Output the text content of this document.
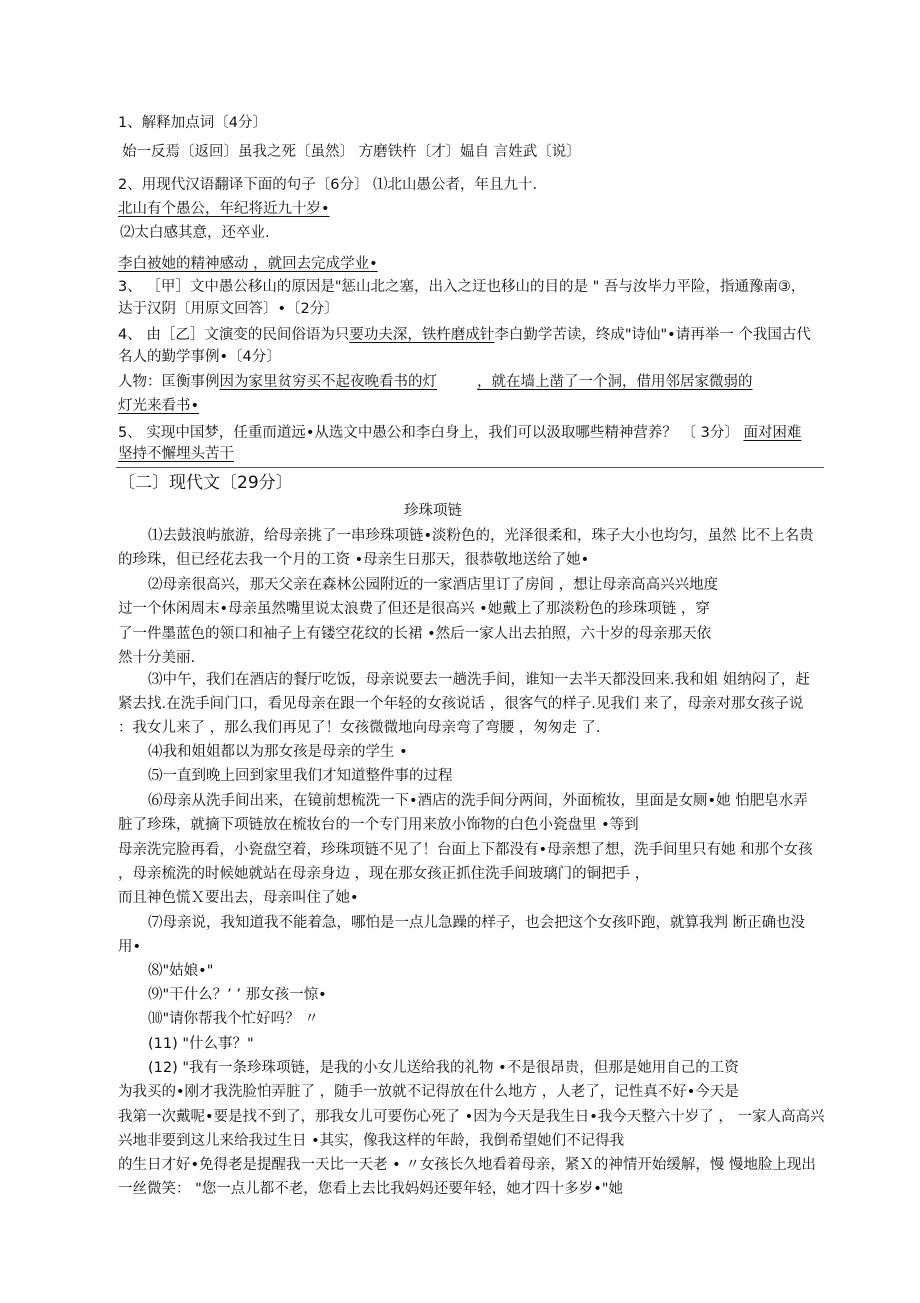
1、解释加点词〔4分〕
始一反焉〔返回〕虽我之死〔虽然〕 方磨铁杵〔才〕媪自 言姓武〔说〕
2、用现代汉语翻译下面的句子〔6分〕 ⑴北山愚公者，年且九十.
北山有个愚公，年纪将近九十岁•
⑵太白感其意，还卒业.
李白被她的精神感动 ，就回去完成学业•
3、 ［甲］文中愚公移山的原因是"惩山北之塞，出入之迂也移山的目的是 " 吾与汝毕力平险，指通豫南③，
达于汉阴〔用原文回答〕•〔2分〕
4、 由［乙］文演变的民间俗语为只要功夫深，铁杵磨成针李白勤学苦读，终成"诗仙"•请再举一 个我国古代
名人的勤学事例•〔4分〕
人物：匡衡事例因为家里贫穷买不起夜晚看书的灯	，就在墙上凿了一个洞，借用邻居家微弱的
灯光来看书•
5、 实现中国梦，任重而道远•从选文中愚公和李白身上，我们可以汲取哪些精神营养？ 〔 3分〕 面对困难
坚持不懈埋头苦干
〔二〕现代文〔29分〕
珍珠项链
⑴去鼓浪屿旅游，给母亲挑了一串珍珠项链•淡粉色的，光泽很柔和，珠子大小也均匀，虽然 比不上名贵
的珍珠，但已经花去我一个月的工资 •母亲生日那天，很恭敬地送给了她•
⑵母亲很高兴，那天父亲在森林公园附近的一家酒店里订了房间 ，想让母亲高高兴兴地度
过一个休闲周末•母亲虽然嘴里说太浪费了但还是很高兴 •她戴上了那淡粉色的珍珠项链 ，穿
了一件墨蓝色的领口和袖子上有镂空花纹的长裙 •然后一家人出去拍照，六十岁的母亲那天依
然十分美丽.
⑶中午，我们在酒店的餐厅吃饭，母亲说要去一趟洗手间，谁知一去半天都没回来.我和姐 姐纳闷了，赶
紧去找.在洗手间门口，看见母亲在跟一个年轻的女孩说话 ，很客气的样子.见我们 来了，母亲对那女孩子说
：我女儿来了 ，那么我们再见了！女孩微微地向母亲弯了弯腰 ，匆匆走 了.
⑷我和姐姐都以为那女孩是母亲的学生 •
⑸一直到晚上回到家里我们才知道整件事的过程
⑹母亲从洗手间出来，在镜前想梳洗一下•酒店的洗手间分两间，外面梳妆，里面是女厕•她 怕肥皂水弄
脏了珍珠，就摘下项链放在梳妆台的一个专门用来放小饰物的白色小瓷盘里 •等到
母亲洗完脸再看，小瓷盘空着，珍珠项链不见了！台面上下都没有•母亲想了想，洗手间里只有她 和那个女孩
，母亲梳洗的时候她就站在母亲身边 ，现在那女孩正抓住洗手间玻璃门的铜把手 ，
而且神色慌Ｘ要出去，母亲叫住了她•
⑺母亲说，我知道我不能着急，哪怕是一点儿急躁的样子，也会把这个女孩吓跑，就算我判 断正确也没
用•
⑻"姑娘•"
⑼"干什么？’ ’ 那女孩一惊•
⑽"请你帮我个忙好吗？ 〃
(11) "什么事？"
(12) "我有一条珍珠项链，是我的小女儿送给我的礼物 •不是很昂贵，但那是她用自己的工资
为我买的•刚才我洗脸怕弄脏了 ，随手一放就不记得放在什么地方 ，人老了，记性真不好•今天是
我第一次戴呢•要是找不到了，那我女儿可要伤心死了 •因为今天是我生日•我今天整六十岁了 ， 一家人高高兴
兴地非要到这儿来给我过生日 •其实，像我这样的年龄，我倒希望她们不记得我
的生日才好•免得老是提醒我一天比一天老 • 〃女孩长久地看着母亲，紧Ｘ的神情开始缓解，慢 慢地脸上现出
一丝微笑： "您一点儿都不老，您看上去比我妈妈还要年轻，她才四十多岁•"她
